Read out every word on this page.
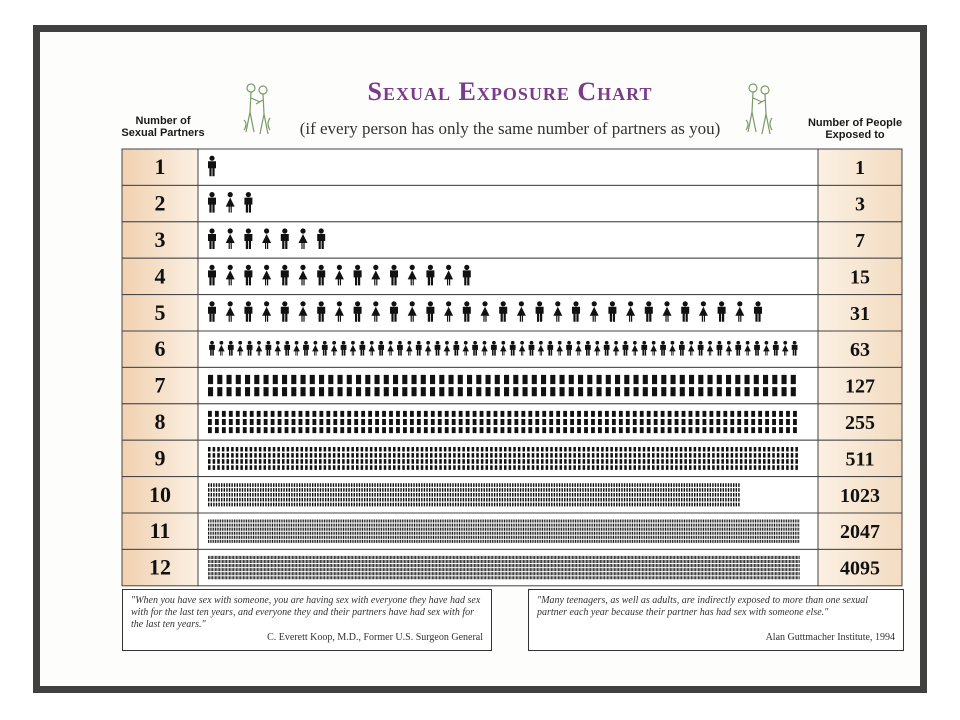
Sexual Exposure Chart
(if every person has only the same number of partners as you)
Number of
Sexual Partners
Number of People
Exposed to
1	1
2	3
3	7
4	15
5	31
6	63
7	127
8	255
9	511
10	1023
11	2047
12	4095
"When you have sex with someone, you are having sex with everyone they have had sex with for the last ten years, and everyone they and their partners have had sex with for the last ten years."
C. Everett Koop, M.D., Former U.S. Surgeon General
"Many teenagers, as well as adults, are indirectly exposed to more than one sexual partner each year because their partner has had sex with someone else."
Alan Guttmacher Institute, 1994
